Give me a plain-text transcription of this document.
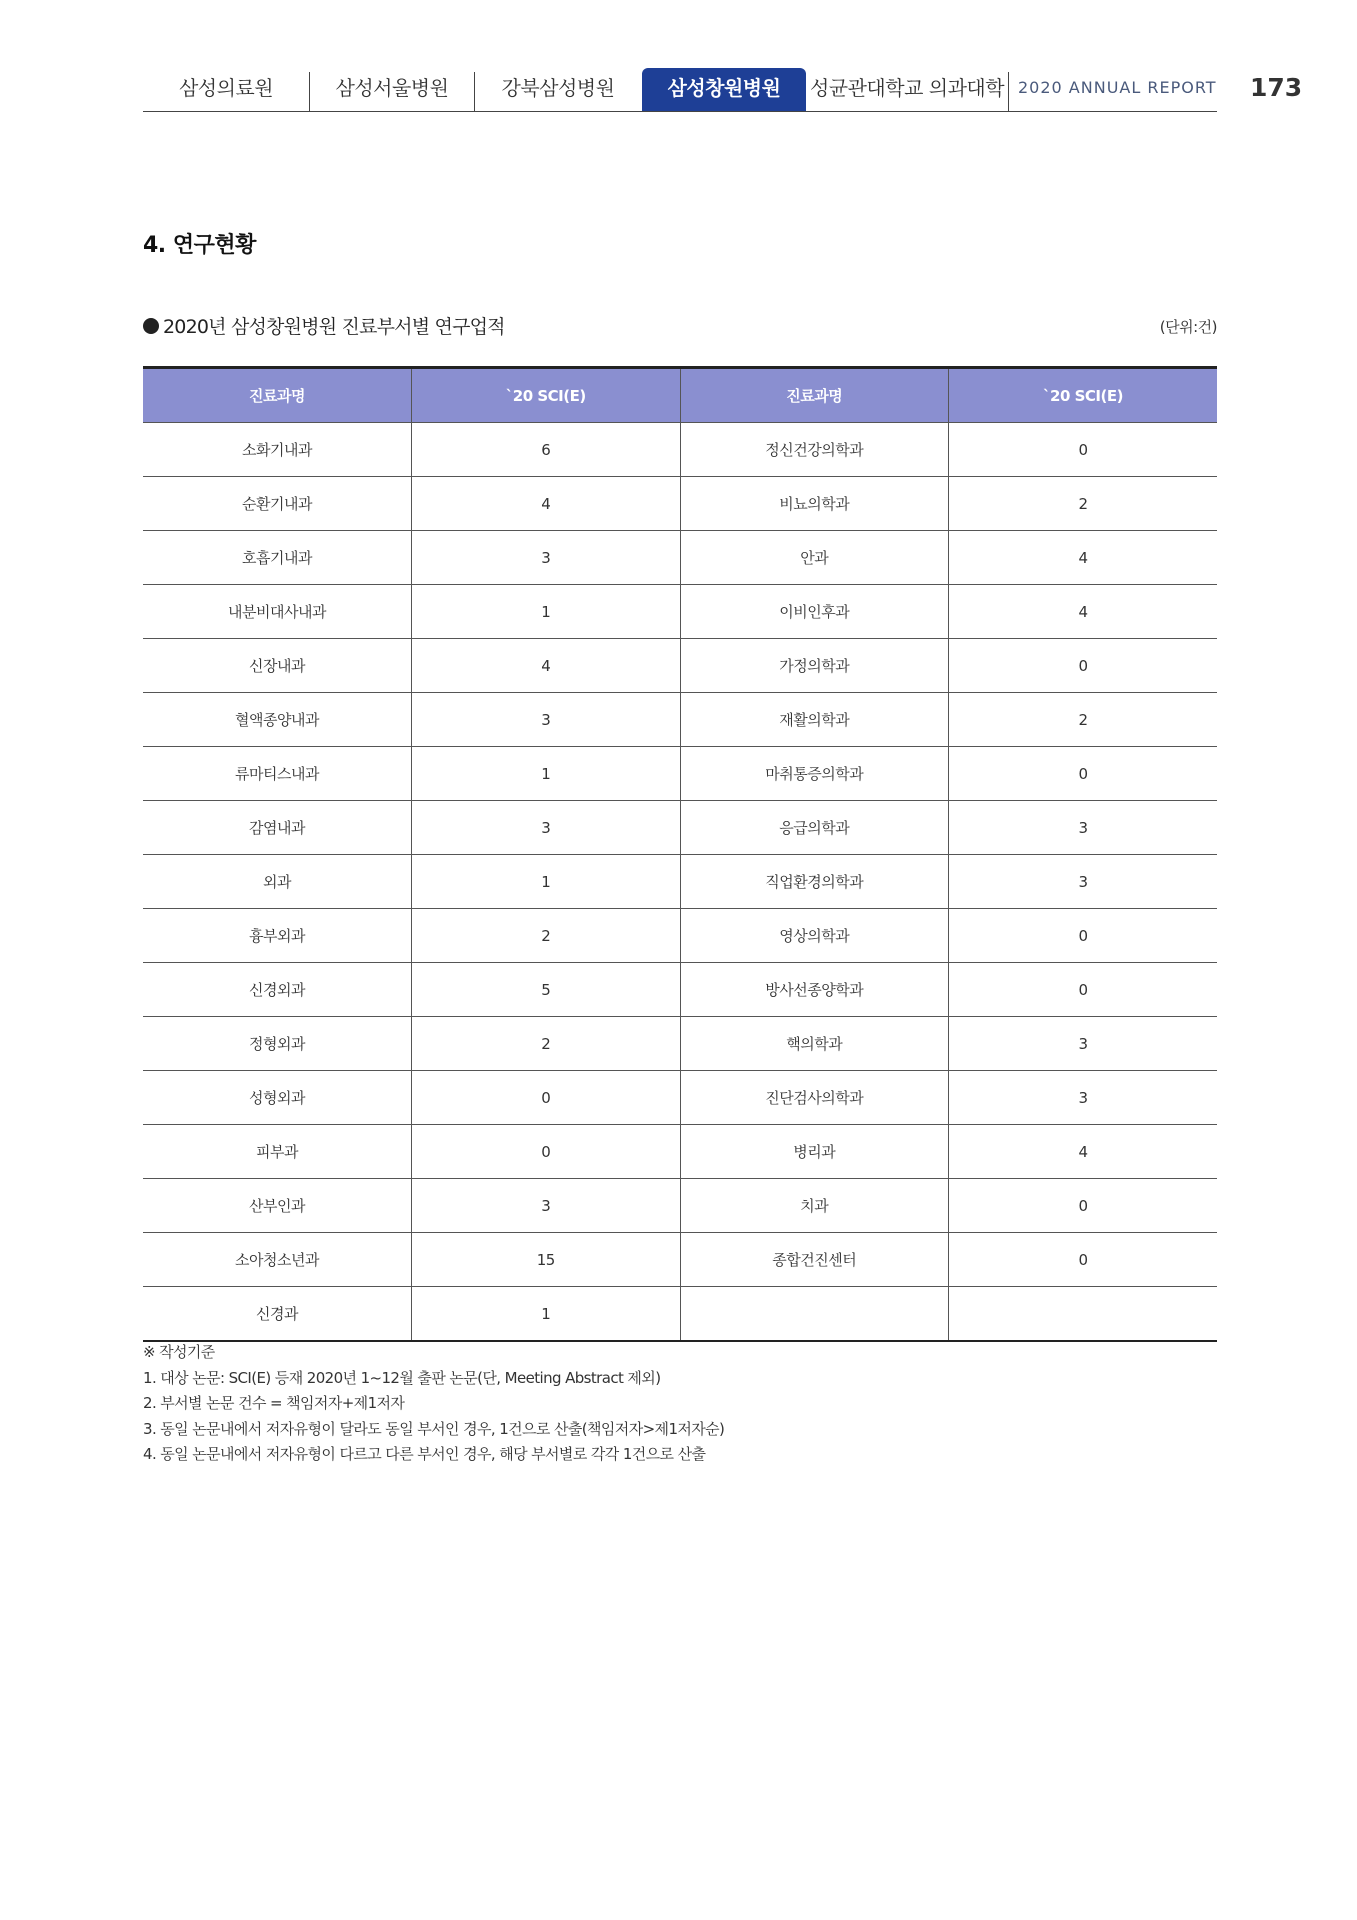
삼성의료원	삼성서울병원	강북삼성병원	삼성창원병원	성균관대학교 의과대학 2020 ANNUAL REPORT 173
4. 연구현황
2020년 삼성창원병원 진료부서별 연구업적	(단위:건)
진료과명	`20 SCI(E)	진료과명	`20 SCI(E)
소화기내과	6	정신건강의학과	0
순환기내과	4	비뇨의학과	2
호흡기내과	3	안과	4
내분비대사내과	1	이비인후과	4
신장내과	4	가정의학과	0
혈액종양내과	3	재활의학과	2
류마티스내과	1	마취통증의학과	0
감염내과	3	응급의학과	3
외과	1	직업환경의학과	3
흉부외과	2	영상의학과	0
신경외과	5	방사선종양학과	0
정형외과	2	핵의학과	3
성형외과	0	진단검사의학과	3
피부과	0	병리과	4
산부인과	3	치과	0
소아청소년과	15	종합건진센터	0
신경과	1		
※ 작성기준
1. 대상 논문: SCI(E) 등재 2020년 1~12월 출판 논문(단, Meeting Abstract 제외)
2. 부서별 논문 건수 = 책임저자+제1저자
3. 동일 논문내에서 저자유형이 달라도 동일 부서인 경우, 1건으로 산출(책임저자>제1저자순)
4. 동일 논문내에서 저자유형이 다르고 다른 부서인 경우, 해당 부서별로 각각 1건으로 산출
